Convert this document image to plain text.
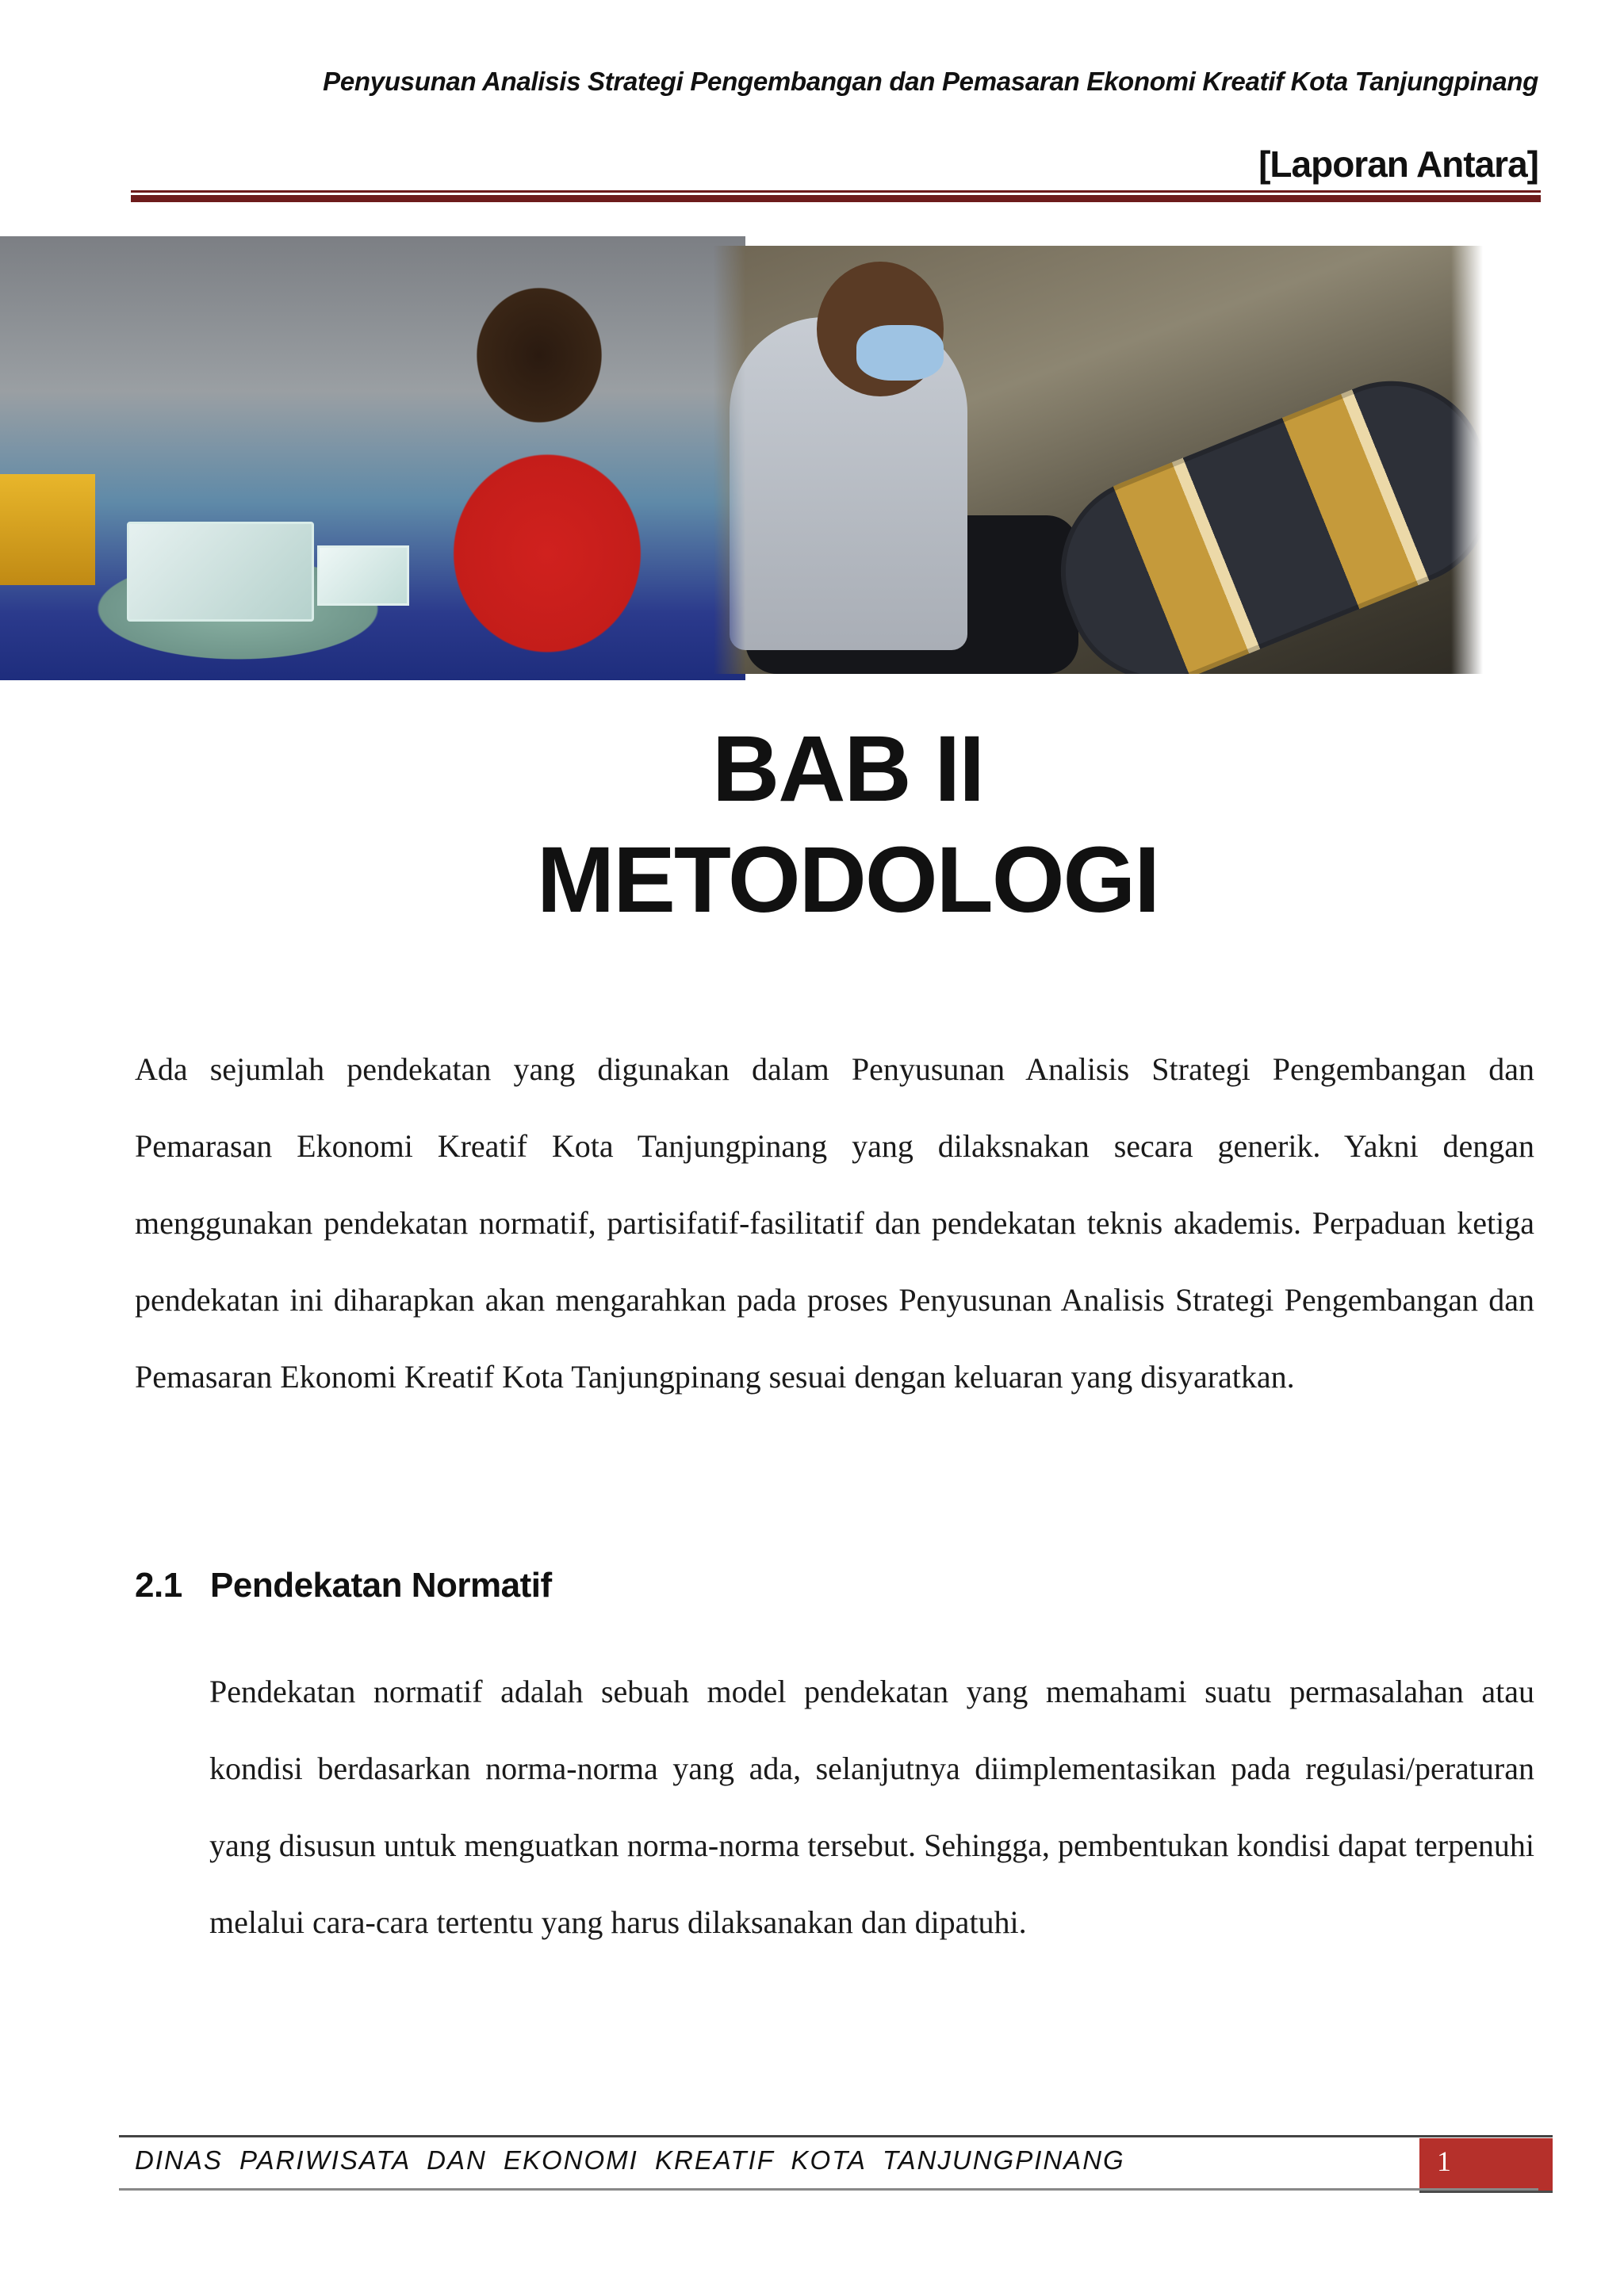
Penyusunan Analisis Strategi Pengembangan dan Pemasaran Ekonomi Kreatif Kota Tanjungpinang
[Laporan Antara]
BAB II
METODOLOGI

Ada sejumlah pendekatan yang digunakan dalam Penyusunan Analisis Strategi Pengembangan dan Pemarasan Ekonomi Kreatif Kota Tanjungpinang yang dilaksnakan secara generik. Yakni dengan menggunakan pendekatan normatif, partisifatif-fasilitatif dan pendekatan teknis akademis. Perpaduan ketiga pendekatan ini diharapkan akan mengarahkan pada proses Penyusunan Analisis Strategi Pengembangan dan Pemasaran Ekonomi Kreatif Kota Tanjungpinang sesuai dengan keluaran yang disyaratkan.

2.1 Pendekatan Normatif

Pendekatan normatif adalah sebuah model pendekatan yang memahami suatu permasalahan atau kondisi berdasarkan norma-norma yang ada, selanjutnya diimplementasikan pada regulasi/peraturan yang disusun untuk menguatkan norma-norma tersebut. Sehingga, pembentukan kondisi dapat terpenuhi melalui cara-cara tertentu yang harus dilaksanakan dan dipatuhi.

DINAS PARIWISATA DAN EKONOMI KREATIF KOTA TANJUNGPINANG	1
